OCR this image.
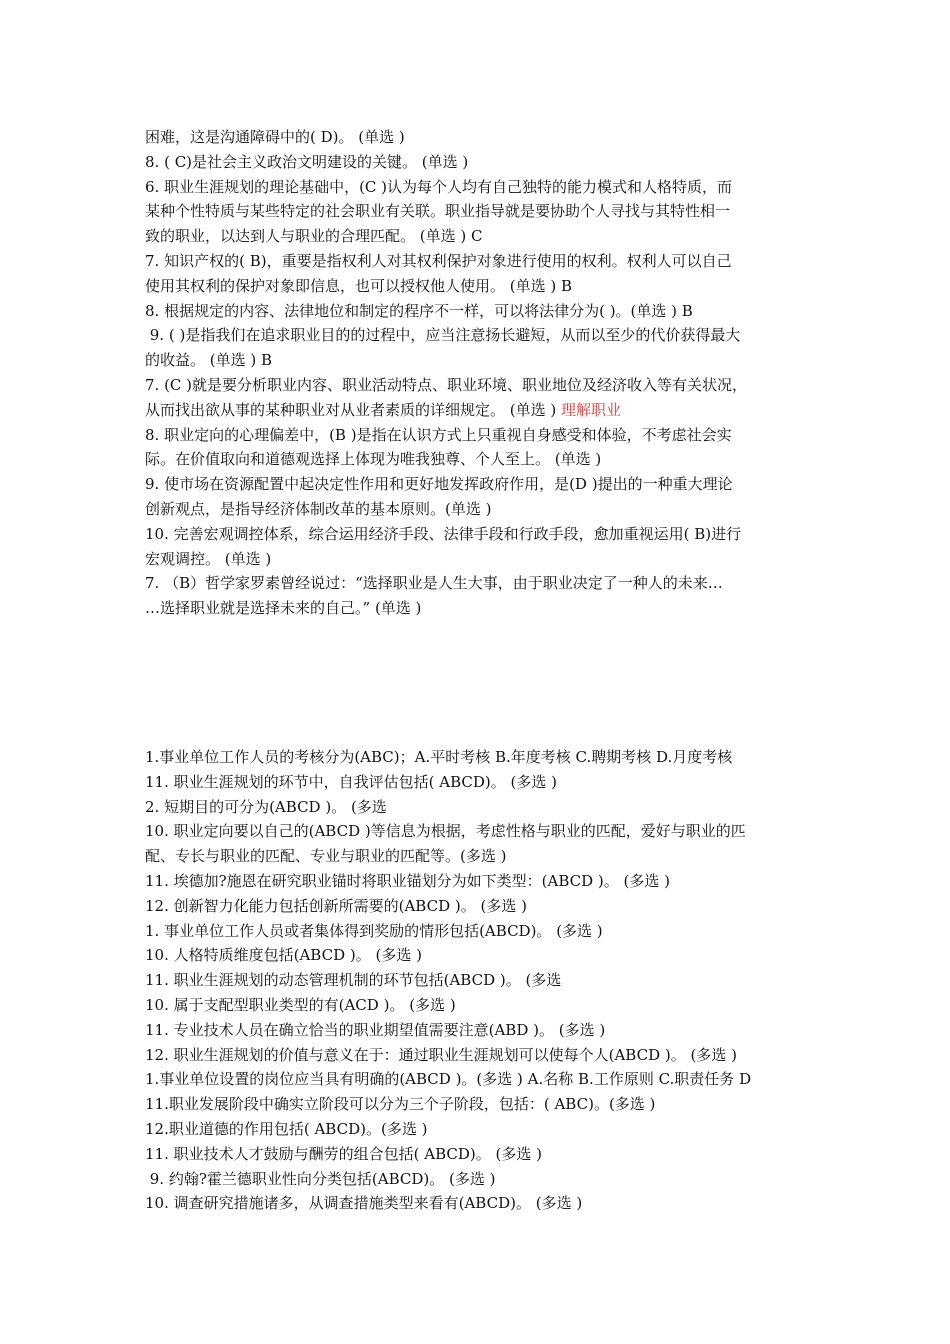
困难，这是沟通障碍中的( D)。 (单选 )
8. ( C)是社会主义政治文明建设的关键。 (单选 )
6. 职业生涯规划的理论基础中，(C )认为每个人均有自己独特的能力模式和人格特质，而
某种个性特质与某些特定的社会职业有关联。职业指导就是要协助个人寻找与其特性相一
致的职业，以达到人与职业的合理匹配。 (单选 ) C
7. 知识产权的( B)，重要是指权利人对其权利保护对象进行使用的权利。权利人可以自己
使用其权利的保护对象即信息，也可以授权他人使用。 (单选 ) B
8. 根据规定的内容、法律地位和制定的程序不一样，可以将法律分为( )。(单选 ) B
9. ( )是指我们在追求职业目的的过程中，应当注意扬长避短，从而以至少的代价获得最大
的收益。 (单选 ) B
7. (C )就是要分析职业内容、职业活动特点、职业环境、职业地位及经济收入等有关状况，
从而找出欲从事的某种职业对从业者素质的详细规定。 (单选 ) 理解职业
8. 职业定向的心理偏差中，(B )是指在认识方式上只重视自身感受和体验，不考虑社会实
际。在价值取向和道德观选择上体现为唯我独尊、个人至上。 (单选 )
9. 使市场在资源配置中起决定性作用和更好地发挥政府作用，是(D )提出的一种重大理论
创新观点，是指导经济体制改革的基本原则。(单选 )
10. 完善宏观调控体系，综合运用经济手段、法律手段和行政手段，愈加重视运用( B)进行
宏观调控。 (单选 )
7. （B）哲学家罗素曾经说过：“选择职业是人生大事，由于职业决定了一种人的未来…
…选择职业就是选择未来的自己。” (单选 )
1.事业单位工作人员的考核分为(ABC)；A.平时考核 B.年度考核 C.聘期考核 D.月度考核
11. 职业生涯规划的环节中，自我评估包括( ABCD)。 (多选 )
2. 短期目的可分为(ABCD )。 (多选
10. 职业定向要以自己的(ABCD )等信息为根据，考虑性格与职业的匹配，爱好与职业的匹
配、专长与职业的匹配、专业与职业的匹配等。(多选 )
11. 埃德加?施恩在研究职业锚时将职业锚划分为如下类型：(ABCD )。 (多选 )
12. 创新智力化能力包括创新所需要的(ABCD )。 (多选 )
1. 事业单位工作人员或者集体得到奖励的情形包括(ABCD)。 (多选 )
10. 人格特质维度包括(ABCD )。 (多选 )
11. 职业生涯规划的动态管理机制的环节包括(ABCD )。 (多选
10. 属于支配型职业类型的有(ACD )。 (多选 )
11. 专业技术人员在确立恰当的职业期望值需要注意(ABD )。 (多选 )
12. 职业生涯规划的价值与意义在于：通过职业生涯规划可以使每个人(ABCD )。 (多选 )
1.事业单位设置的岗位应当具有明确的(ABCD )。(多选 ) A.名称 B.工作原则 C.职责任务 D
11.职业发展阶段中确实立阶段可以分为三个子阶段，包括：( ABC)。(多选 )
12.职业道德的作用包括( ABCD)。(多选 )
11. 职业技术人才鼓励与酬劳的组合包括( ABCD)。 (多选 )
9. 约翰?霍兰德职业性向分类包括(ABCD)。 (多选 )
10. 调查研究措施诸多，从调查措施类型来看有(ABCD)。 (多选 )
